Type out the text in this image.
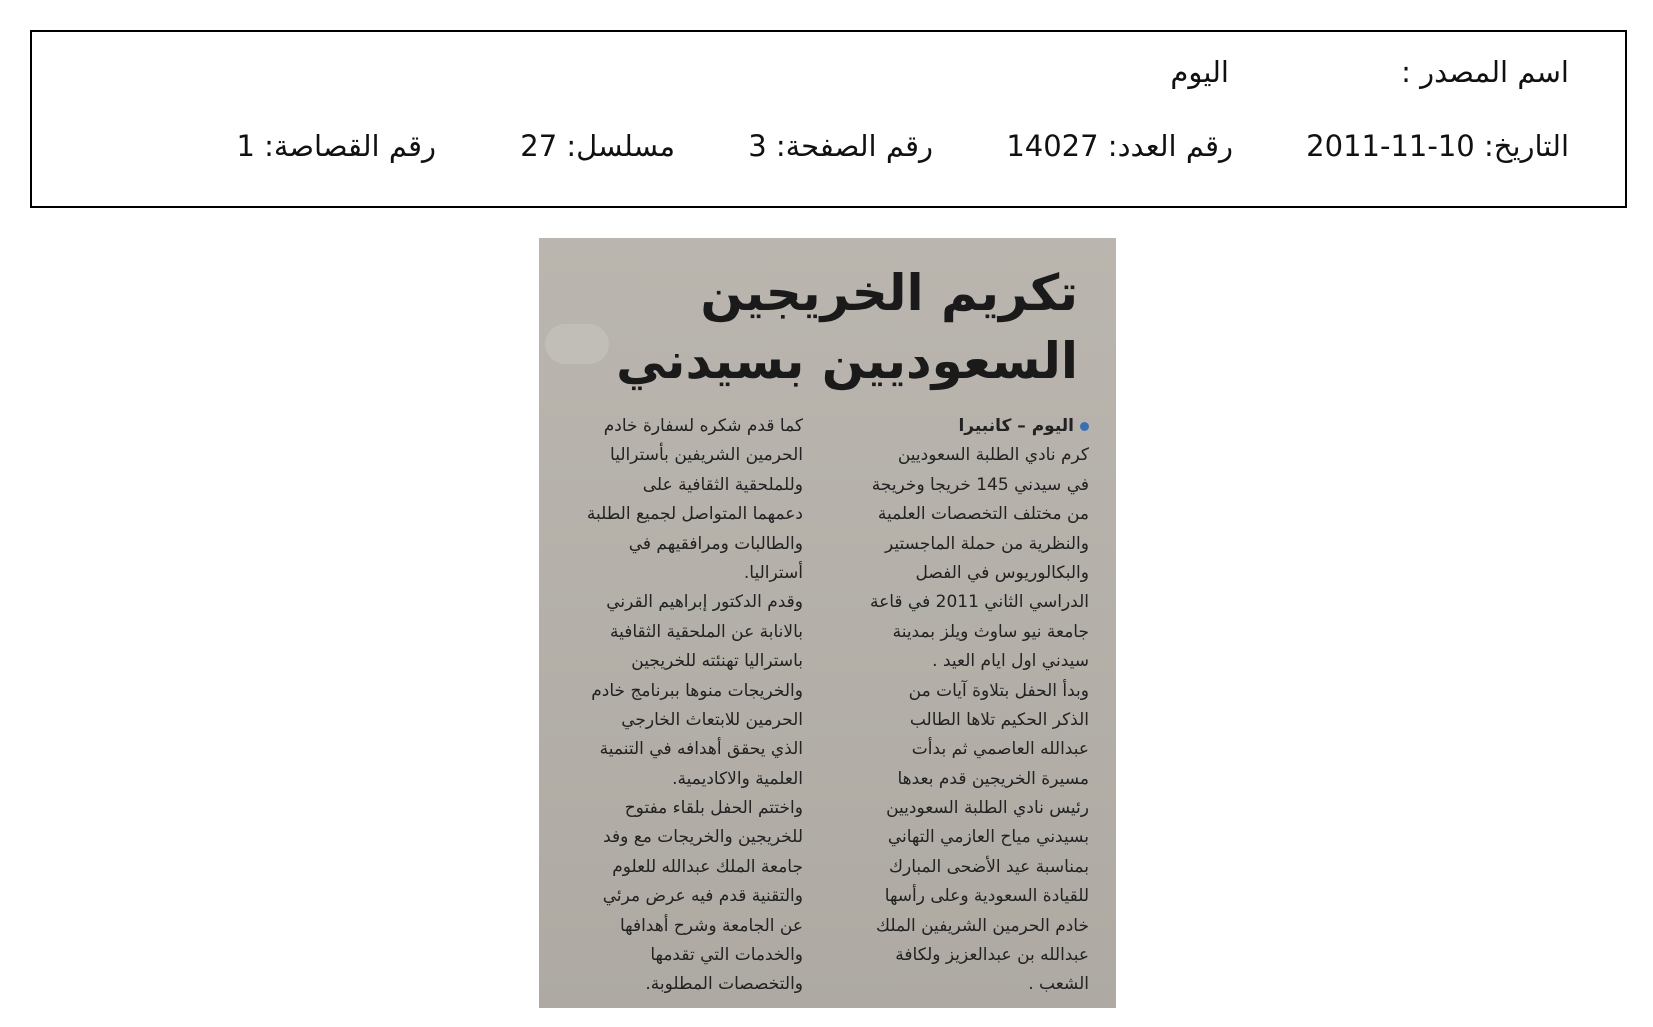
اسم المصدر :
اليوم
التاريخ: 10-11-2011
رقم العدد: 14027
رقم الصفحة: 3
مسلسل: 27
رقم القصاصة: 1
تكريم الخريجين
السعوديين بسيدني
اليوم – كانبيرا
كرم نادي الطلبة السعوديين
في سيدني 145 خريجا وخريجة
من مختلف التخصصات العلمية
والنظرية من حملة الماجستير
والبكالوريوس في الفصل
الدراسي الثاني 2011 في قاعة
جامعة نيو ساوث ويلز بمدينة
سيدني اول ايام العيد .
وبدأ الحفل بتلاوة آيات من
الذكر الحكيم تلاها الطالب
عبدالله العاصمي ثم بدأت
مسيرة الخريجين قدم بعدها
رئيس نادي الطلبة السعوديين
بسيدني مياح العازمي التهاني
بمناسبة عيد الأضحى المبارك
للقيادة السعودية وعلى رأسها
خادم الحرمين الشريفين الملك
عبدالله بن عبدالعزيز ولكافة
الشعب .
كما قدم شكره لسفارة خادم
الحرمين الشريفين بأستراليا
وللملحقية الثقافية على
دعمهما المتواصل لجميع الطلبة
والطالبات ومرافقيهم في
أستراليا.
وقدم الدكتور إبراهيم القرني
بالانابة عن الملحقية الثقافية
باستراليا تهنئته للخريجين
والخريجات منوها ببرنامج خادم
الحرمين للابتعاث الخارجي
الذي يحقق أهدافه في التنمية
العلمية والاكاديمية.
واختتم الحفل بلقاء مفتوح
للخريجين والخريجات مع وفد
جامعة الملك عبدالله للعلوم
والتقنية قدم فيه عرض مرئي
عن الجامعة وشرح أهدافها
والخدمات التي تقدمها
والتخصصات المطلوبة.
